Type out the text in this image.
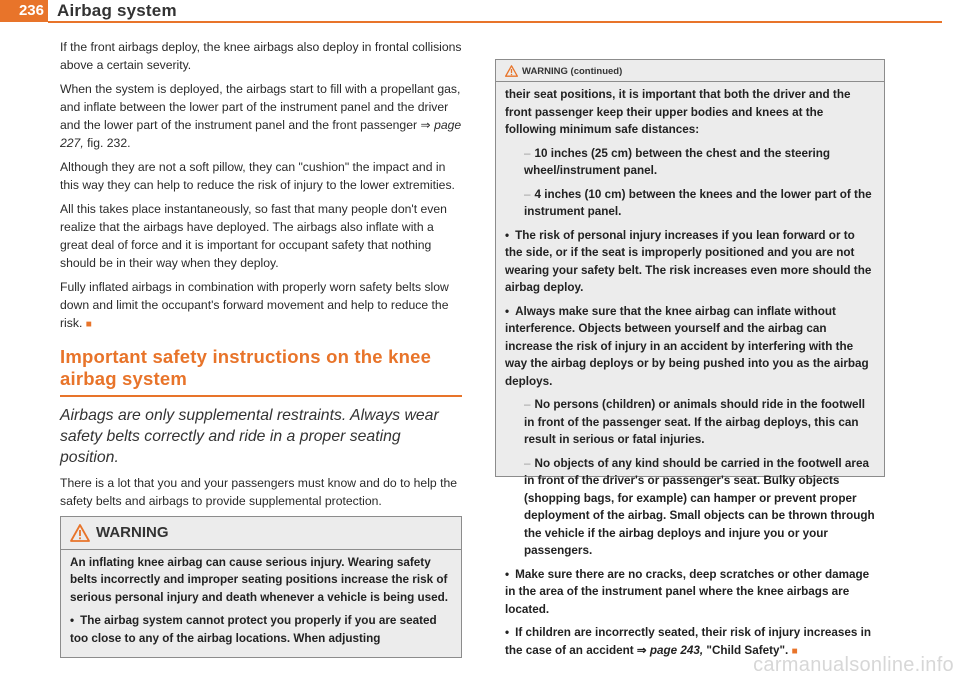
236 Airbag system

If the front airbags deploy, the knee airbags also deploy in frontal collisions above a certain severity.

When the system is deployed, the airbags start to fill with a propellant gas, and inflate between the lower part of the instrument panel and the driver and the lower part of the instrument panel and the front passenger ⇒ page 227, fig. 232.

Although they are not a soft pillow, they can "cushion" the impact and in this way they can help to reduce the risk of injury to the lower extremities.

All this takes place instantaneously, so fast that many people don't even realize that the airbags have deployed. The airbags also inflate with a great deal of force and it is important for occupant safety that nothing should be in their way when they deploy.

Fully inflated airbags in combination with properly worn safety belts slow down and limit the occupant's forward movement and help to reduce the risk. ■

Important safety instructions on the knee airbag system

Airbags are only supplemental restraints. Always wear safety belts correctly and ride in a proper seating position.

There is a lot that you and your passengers must know and do to help the safety belts and airbags to provide supplemental protection.

WARNING

An inflating knee airbag can cause serious injury. Wearing safety belts incorrectly and improper seating positions increase the risk of serious personal injury and death whenever a vehicle is being used.

• The airbag system cannot protect you properly if you are seated too close to any of the airbag locations. When adjusting

WARNING (continued)

their seat positions, it is important that both the driver and the front passenger keep their upper bodies and knees at the following minimum safe distances:

– 10 inches (25 cm) between the chest and the steering wheel/instrument panel.

– 4 inches (10 cm) between the knees and the lower part of the instrument panel.

• The risk of personal injury increases if you lean forward or to the side, or if the seat is improperly positioned and you are not wearing your safety belt. The risk increases even more should the airbag deploy.

• Always make sure that the knee airbag can inflate without interference. Objects between yourself and the airbag can increase the risk of injury in an accident by interfering with the way the airbag deploys or by being pushed into you as the airbag deploys.

– No persons (children) or animals should ride in the footwell in front of the passenger seat. If the airbag deploys, this can result in serious or fatal injuries.

– No objects of any kind should be carried in the footwell area in front of the driver's or passenger's seat. Bulky objects (shopping bags, for example) can hamper or prevent proper deployment of the airbag. Small objects can be thrown through the vehicle if the airbag deploys and injure you or your passengers.

• Make sure there are no cracks, deep scratches or other damage in the area of the instrument panel where the knee airbags are located.

• If children are incorrectly seated, their risk of injury increases in the case of an accident ⇒ page 243, "Child Safety". ■

carmanualsonline.info
